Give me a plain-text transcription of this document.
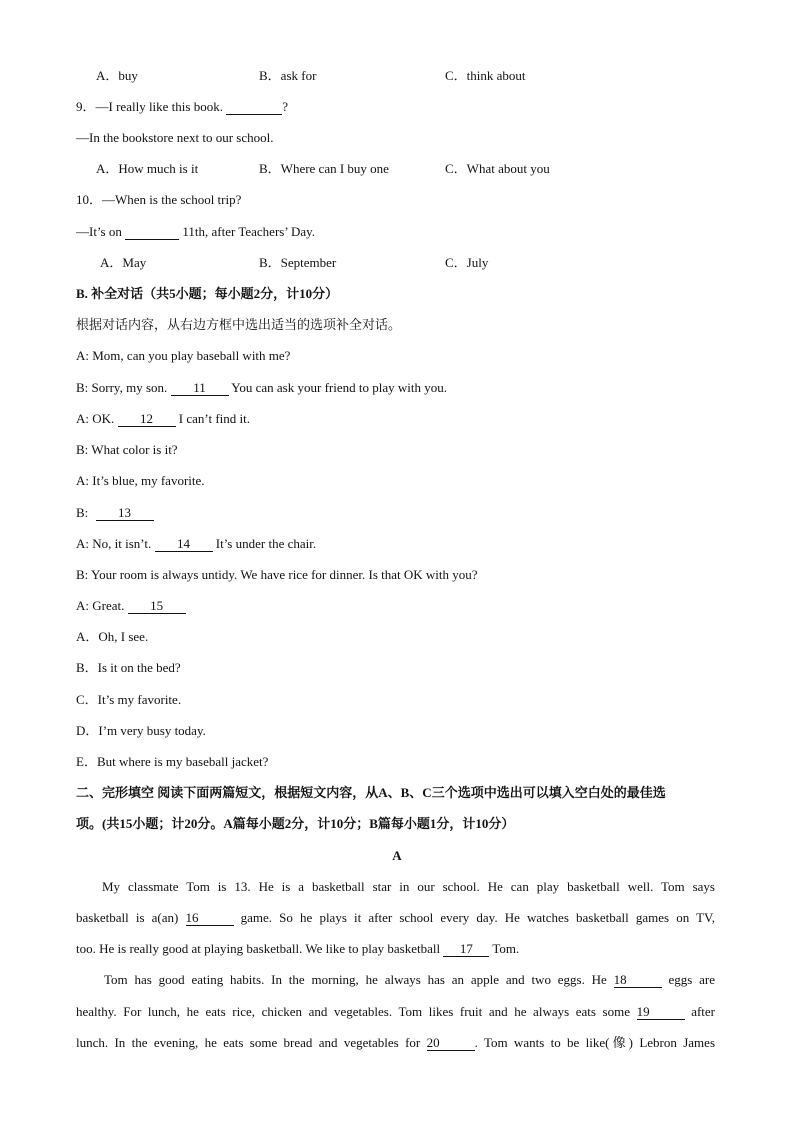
A．buy	B．ask for	C．think about
9．—I really like this book.	?
—In the bookstore next to our school.
A．How much is it	B．Where can I buy one	C．What about you
10．—When is the school trip?
—It’s on	11th, after Teachers’ Day.
A．May	B．September	C．July
B. 补全对话（共5小题；每小题2分，计10分）
根据对话内容，从右边方框中选出适当的选项补全对话。
A: Mom, can you play baseball with me?
B: Sorry, my son. 11 You can ask your friend to play with you.
A: OK. 12 I can’t find it.
B: What color is it?
A: It’s blue, my favorite.
B: 13
A: No, it isn’t. 14 It’s under the chair.
B: Your room is always untidy. We have rice for dinner. Is that OK with you?
A: Great. 15
A．Oh, I see.
B．Is it on the bed?
C．It’s my favorite.
D．I’m very busy today.
E．But where is my baseball jacket?
二、完形填空 阅读下面两篇短文，根据短文内容，从A、B、C三个选项中选出可以填入空白处的最佳选
项。(共15小题；计20分。A篇每小题2分，计10分；B篇每小题1分，计10分）
A
My classmate Tom is 13. He is a basketball star in our school. He can play basketball well. Tom says
basketball is a(an) 16	game. So he plays it after school every day. He watches basketball games on TV,
too. He is really good at playing basketball. We like to play basketball 17 Tom.
Tom has good eating habits. In the morning, he always has an apple and two eggs. He 18	eggs are
healthy. For lunch, he eats rice, chicken and vegetables. Tom likes fruit and he always eats some 19	after
lunch. In the evening, he eats some bread and vegetables for 20	. Tom wants to be like(像) Lebron James
